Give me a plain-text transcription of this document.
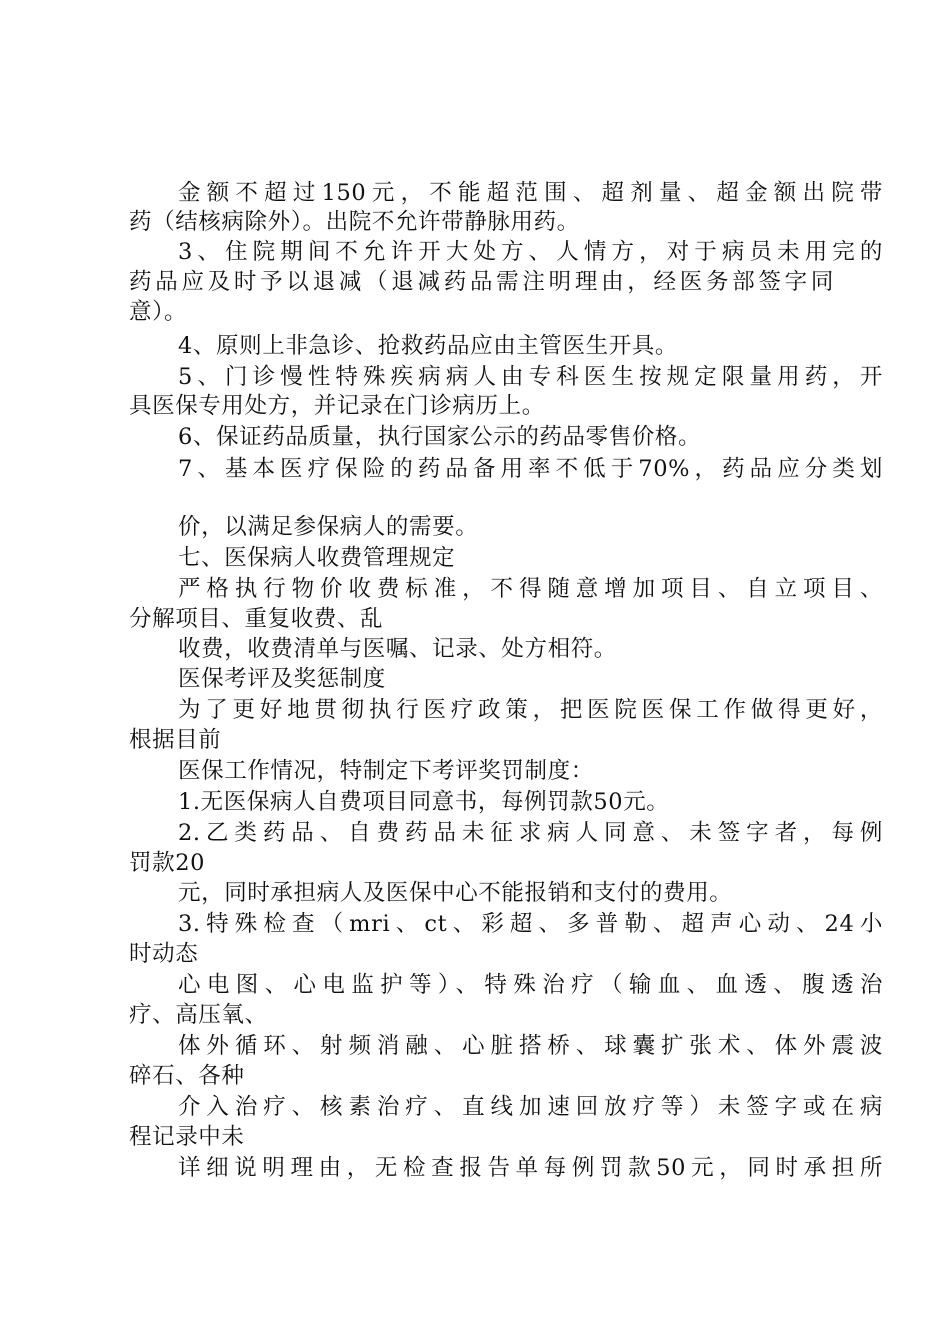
金额不超过150元，不能超范围、超剂量、超金额出院带
药（结核病除外）。出院不允许带静脉用药。
3、住院期间不允许开大处方、人情方，对于病员未用完的
药品应及时予以退减（退减药品需注明理由，经医务部签字同
意）。
4、原则上非急诊、抢救药品应由主管医生开具。
5、门诊慢性特殊疾病病人由专科医生按规定限量用药，开
具医保专用处方，并记录在门诊病历上。
6、保证药品质量，执行国家公示的药品零售价格。
7、基本医疗保险的药品备用率不低于70%，药品应分类划
价，以满足参保病人的需要。
七、医保病人收费管理规定
严格执行物价收费标准，不得随意增加项目、自立项目、
分解项目、重复收费、乱
收费，收费清单与医嘱、记录、处方相符。
医保考评及奖惩制度
为了更好地贯彻执行医疗政策，把医院医保工作做得更好，
根据目前
医保工作情况，特制定下考评奖罚制度：
1.无医保病人自费项目同意书，每例罚款50元。
2.乙类药品、自费药品未征求病人同意、未签字者，每例
罚款20
元，同时承担病人及医保中心不能报销和支付的费用。
3.特殊检查（mri、ct、彩超、多普勒、超声心动、24小
时动态
心电图、心电监护等）、特殊治疗（输血、血透、腹透治
疗、高压氧、
体外循环、射频消融、心脏搭桥、球囊扩张术、体外震波
碎石、各种
介入治疗、核素治疗、直线加速回放疗等）未签字或在病
程记录中未
详细说明理由，无检查报告单每例罚款50元，同时承担所
